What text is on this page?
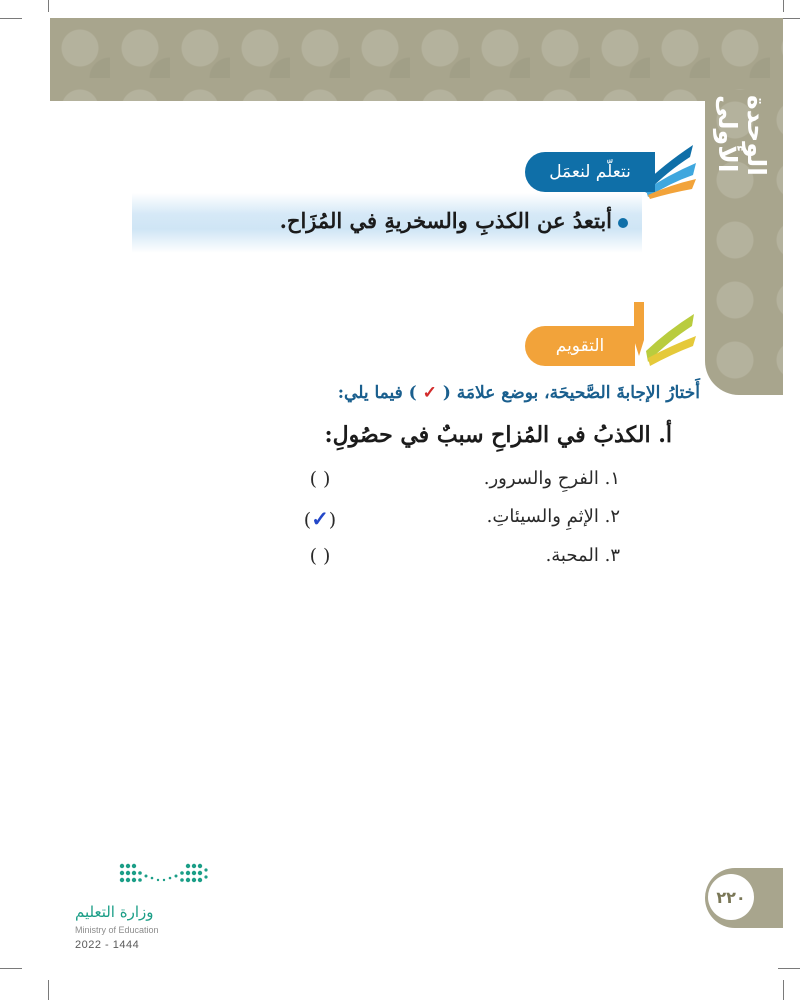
الوحدة الأولى
نتعلّم لنعمَل
أبتعدُ عن الكذبِ والسخريةِ في المُزَاح.
التقويم
أَختارُ الإجابةَ الصَّحيحَة، بوضع علامَة ( ✓ ) فيما يلي:
أ. الكذبُ في المُزاحِ سببٌ في حصُولِ:
١. الفرحِ والسرور.
( )
٢. الإثمِ والسيئاتِ.
(✓)
٣. المحبة.
( )
٢٢٠
وزارة التعليم
Ministry of Education
2022 - 1444
